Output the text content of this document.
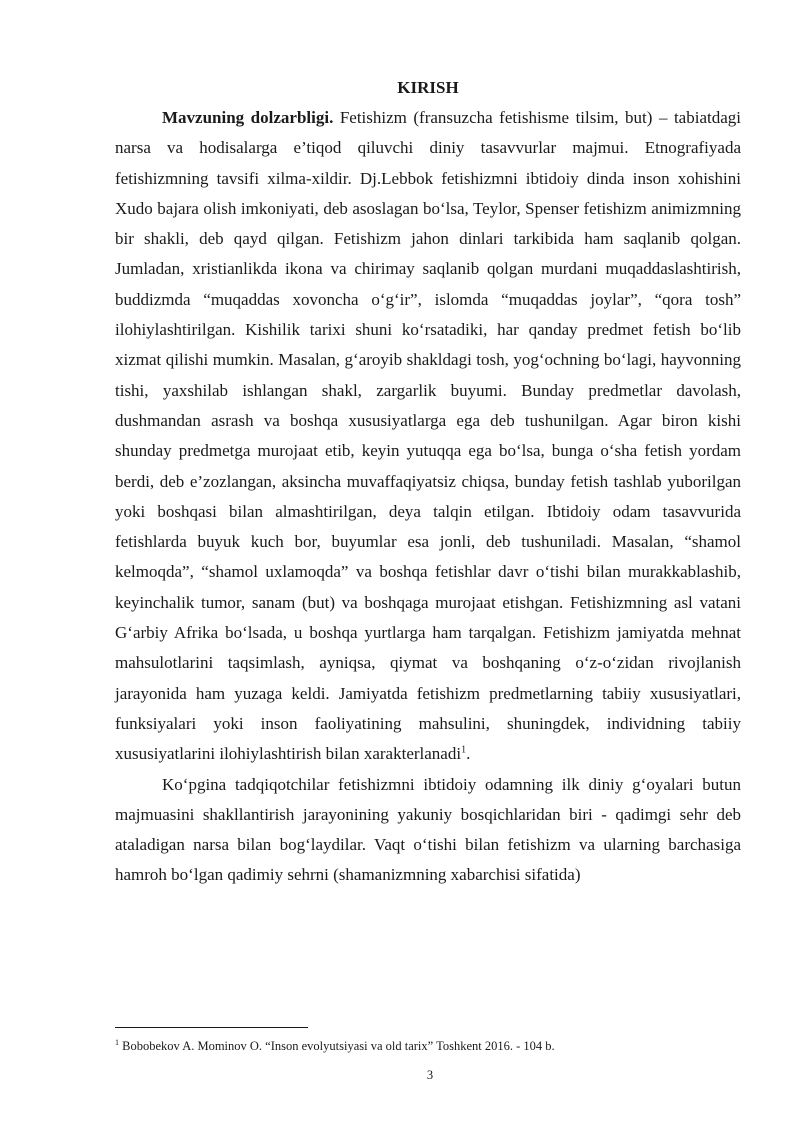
KIRISH

Mavzuning dolzarbligi. Fetishizm (fransuzcha fetishisme tilsim, but) – tabiatdagi narsa va hodisalarga e’tiqod qiluvchi diniy tasavvurlar majmui. Etnografiyada fetishizmning tavsifi xilma-xildir. Dj.Lebbok fetishizmni ibtidoiy dinda inson xohishini Xudo bajara olish imkoniyati, deb asoslagan bo‘lsa, Teylor, Spenser fetishizm animizmning bir shakli, deb qayd qilgan. Fetishizm jahon dinlari tarkibida ham saqlanib qolgan. Jumladan, xristianlikda ikona va chirimay saqlanib qolgan murdani muqaddaslashtirish, buddizmda “muqaddas xovoncha o‘g‘ir”, islomda “muqaddas joylar”, “qora tosh” ilohiylashtirilgan. Kishilik tarixi shuni ko‘rsatadiki, har qanday predmet fetish bo‘lib xizmat qilishi mumkin. Masalan, g‘aroyib shakldagi tosh, yog‘ochning bo‘lagi, hayvonning tishi, yaxshilab ishlangan shakl, zargarlik buyumi. Bunday predmetlar davolash, dushmandan asrash va boshqa xususiyatlarga ega deb tushunilgan. Agar biron kishi shunday predmetga murojaat etib, keyin yutuqqa ega bo‘lsa, bunga o‘sha fetish yordam berdi, deb e’zozlangan, aksincha muvaffaqiyatsiz chiqsa, bunday fetish tashlab yuborilgan yoki boshqasi bilan almashtirilgan, deya talqin etilgan. Ibtidoiy odam tasavvurida fetishlarda buyuk kuch bor, buyumlar esa jonli, deb tushuniladi. Masalan, “shamol kelmoqda”, “shamol uxlamoqda” va boshqa fetishlar davr o‘tishi bilan murakkablashib, keyinchalik tumor, sanam (but) va boshqaga murojaat etishgan. Fetishizmning asl vatani G‘arbiy Afrika bo‘lsada, u boshqa yurtlarga ham tarqalgan. Fetishizm jamiyatda mehnat mahsulotlarini taqsimlash, ayniqsa, qiymat va boshqaning o‘z-o‘zidan rivojlanish jarayonida ham yuzaga keldi. Jamiyatda fetishizm predmetlarning tabiiy xususiyatlari, funksiyalari yoki inson faoliyatining mahsulini, shuningdek, individning tabiiy xususiyatlarini ilohiylashtirish bilan xarakterlanadi$^1$.

Ko‘pgina tadqiqotchilar fetishizmni ibtidoiy odamning ilk diniy g‘oyalari butun majmuasini shakllantirish jarayonining yakuniy bosqichlaridan biri - qadimgi sehr deb ataladigan narsa bilan bog‘laydilar. Vaqt o‘tishi bilan fetishizm va ularning barchasiga hamroh bo‘lgan qadimiy sehrni (shamanizmning xabarchisi sifatida)

$^1$ Bobobekov A. Mominov O. “Inson evolyutsiyasi va old tarix” Toshkent 2016. - 104 b.
3
